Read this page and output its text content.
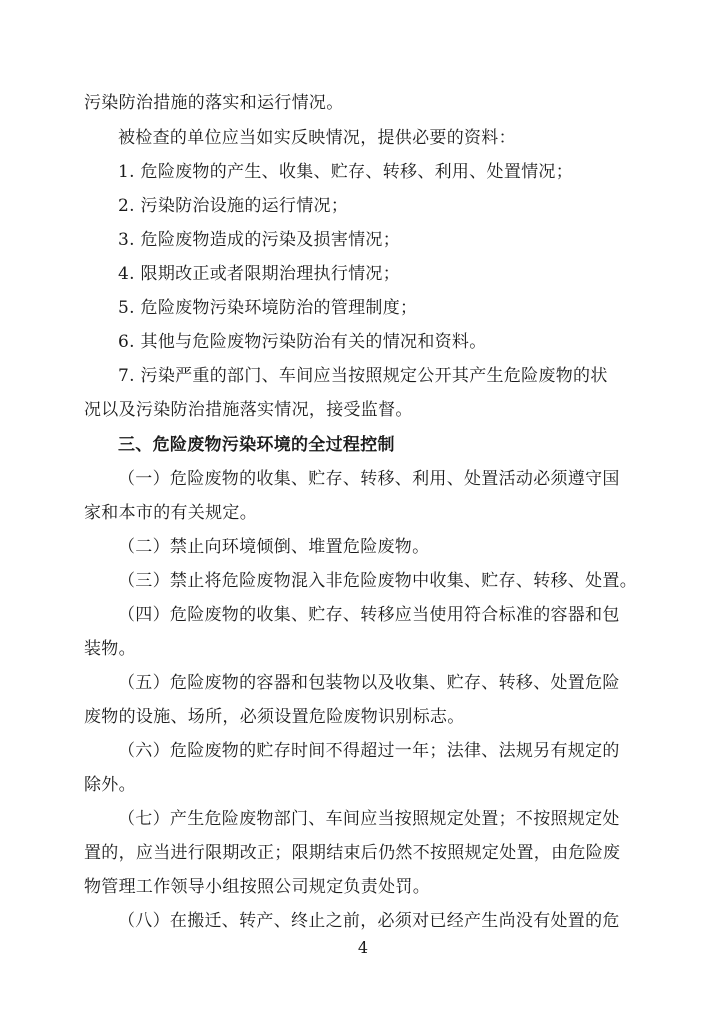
污染防治措施的落实和运行情况。
被检查的单位应当如实反映情况，提供必要的资料：
1. 危险废物的产生、收集、贮存、转移、利用、处置情况；
2. 污染防治设施的运行情况；
3. 危险废物造成的污染及损害情况；
4. 限期改正或者限期治理执行情况；
5. 危险废物污染环境防治的管理制度；
6. 其他与危险废物污染防治有关的情况和资料。
7. 污染严重的部门、车间应当按照规定公开其产生危险废物的状
况以及污染防治措施落实情况，接受监督。
三、危险废物污染环境的全过程控制
（一）危险废物的收集、贮存、转移、利用、处置活动必须遵守国
家和本市的有关规定。
（二）禁止向环境倾倒、堆置危险废物。
（三）禁止将危险废物混入非危险废物中收集、贮存、转移、处置。
（四）危险废物的收集、贮存、转移应当使用符合标准的容器和包
装物。
（五）危险废物的容器和包装物以及收集、贮存、转移、处置危险
废物的设施、场所，必须设置危险废物识别标志。
（六）危险废物的贮存时间不得超过一年；法律、法规另有规定的
除外。
（七）产生危险废物部门、车间应当按照规定处置；不按照规定处
置的，应当进行限期改正；限期结束后仍然不按照规定处置，由危险废
物管理工作领导小组按照公司规定负责处罚。
（八）在搬迁、转产、终止之前，必须对已经产生尚没有处置的危
4
